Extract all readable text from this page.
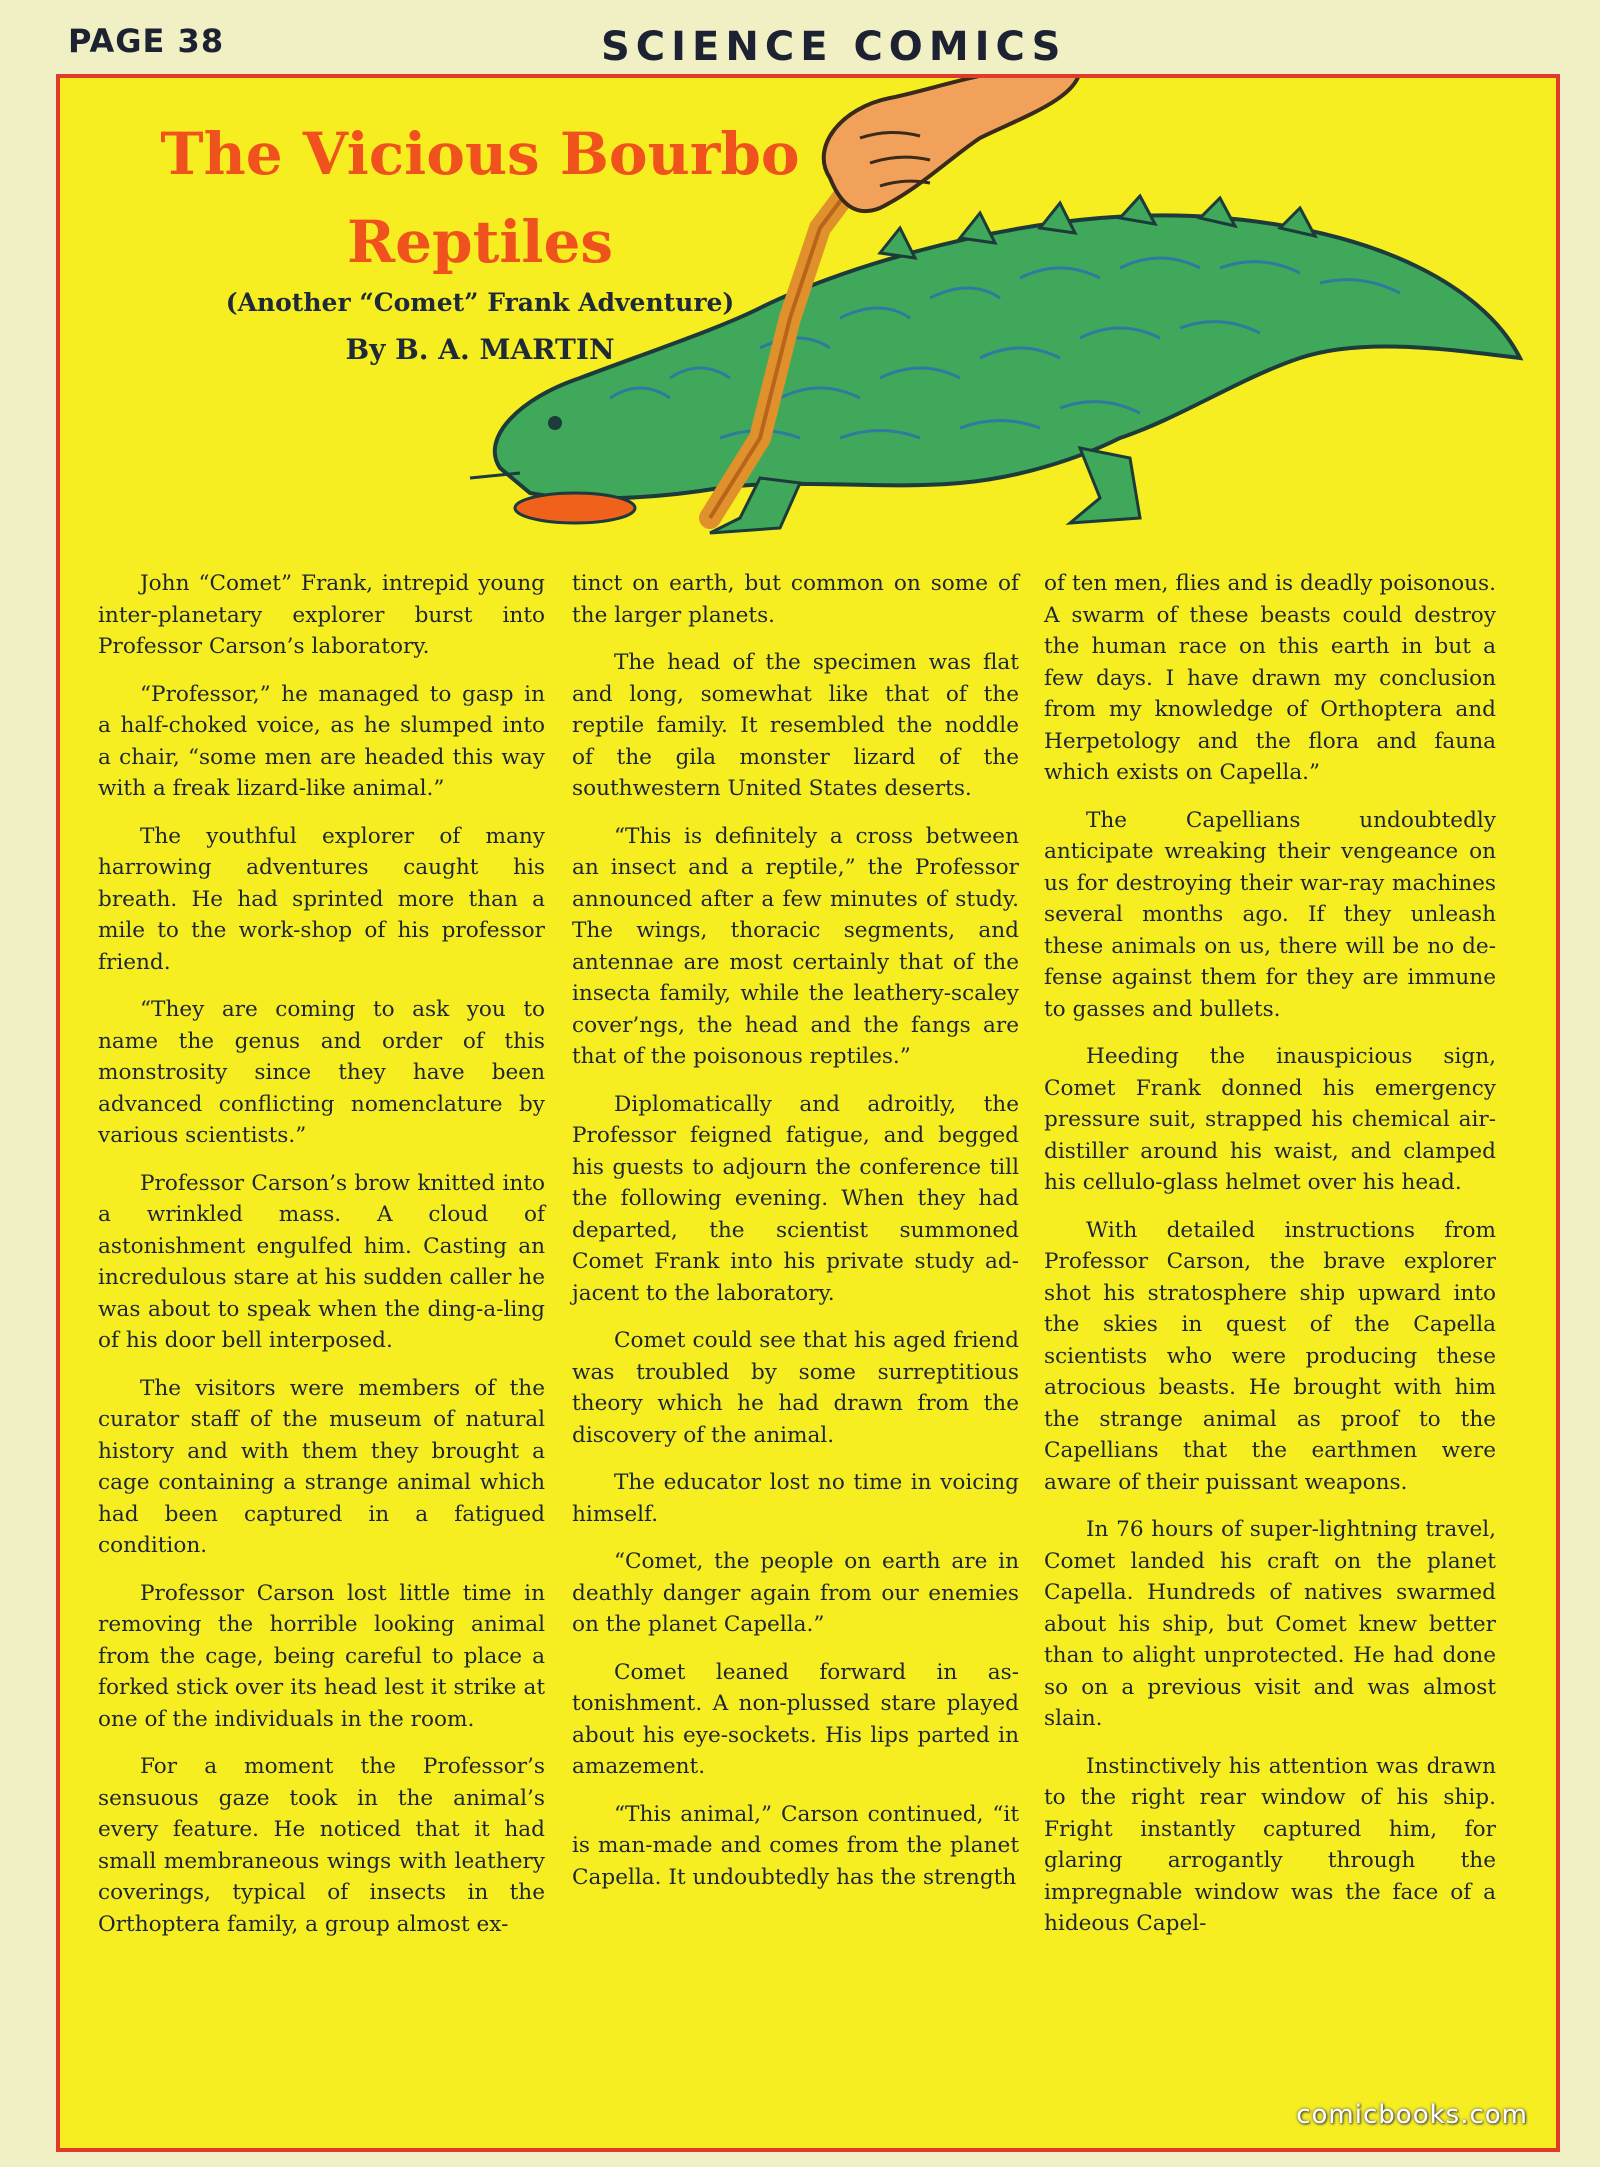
PAGE 38	SCIENCE COMICS
The Vicious Bourbo
Reptiles
(Another “Comet” Frank Adventure)
By B. A. MARTIN

John “Comet” Frank, intrepid young inter-planetary explorer burst into Professor Carson’s laboratory.

“Professor,” he managed to gasp in a half-choked voice, as he slumped into a chair, “some men are headed this way with a freak lizard-like animal.”

The youthful explorer of many harrowing adventures caught his breath. He had sprinted more than a mile to the work-shop of his professor friend.

“They are coming to ask you to name the genus and order of this monstrosity since they have been advanced conflicting nomenclature by various scientists.”

Professor Carson’s brow knitted into a wrinkled mass. A cloud of astonishment engulfed him. Casting an incredulous stare at his sudden caller he was about to speak when the ding-a-ling of his door bell interposed.

The visitors were members of the curator staff of the museum of natural history and with them they brought a cage containing a strange animal which had been captured in a fatigued condition.

Professor Carson lost little time in removing the horrible looking animal from the cage, being careful to place a forked stick over its head lest it strike at one of the individuals in the room.

For a moment the Professor’s sensuous gaze took in the animal’s every feature. He noticed that it had small membraneous wings with leathery coverings, typical of insects in the Orthoptera family, a group almost ex-

tinct on earth, but common on some of the larger planets.

The head of the specimen was flat and long, somewhat like that of the reptile family. It resembled the noddle of the gila monster lizard of the southwestern United States deserts.

“This is definitely a cross between an insect and a reptile,” the Professor announced after a few minutes of study. The wings, thoracic segments, and antennae are most certainly that of the insecta family, while the leathery-scaley cover’ngs, the head and the fangs are that of the poisonous reptiles.”

Diplomatically and adroitly, the Professor feigned fatigue, and begged his guests to adjourn the conference till the following evening. When they had departed, the scientist summoned Comet Frank into his private study adjacent to the laboratory.

Comet could see that his aged friend was troubled by some surreptitious theory which he had drawn from the discovery of the animal.

The educator lost no time in voicing himself.

“Comet, the people on earth are in deathly danger again from our enemies on the planet Capella.”

Comet leaned forward in astonishment. A non-plussed stare played about his eye-sockets. His lips parted in amazement.

“This animal,” Carson continued, “it is man-made and comes from the planet Capella. It undoubtedly has the strength

of ten men, flies and is deadly poisonous. A swarm of these beasts could destroy the human race on this earth in but a few days. I have drawn my conclusion from my knowledge of Orthoptera and Herpetology and the flora and fauna which exists on Capella.”

The Capellians undoubtedly anticipate wreaking their vengeance on us for destroying their war-ray machines several months ago. If they unleash these animals on us, there will be no defense against them for they are immune to gasses and bullets.

Heeding the inauspicious sign, Comet Frank donned his emergency pressure suit, strapped his chemical air-distiller around his waist, and clamped his cellulo-glass helmet over his head.

With detailed instructions from Professor Carson, the brave explorer shot his stratosphere ship upward into the skies in quest of the Capella scientists who were producing these atrocious beasts. He brought with him the strange animal as proof to the Capellians that the earthmen were aware of their puissant weapons.

In 76 hours of super-lightning travel, Comet landed his craft on the planet Capella. Hundreds of natives swarmed about his ship, but Comet knew better than to alight unprotected. He had done so on a previous visit and was almost slain.

Instinctively his attention was drawn to the right rear window of his ship. Fright instantly captured him, for glaring arrogantly through the impregnable window was the face of a hideous Capel-

comicbooks.com
